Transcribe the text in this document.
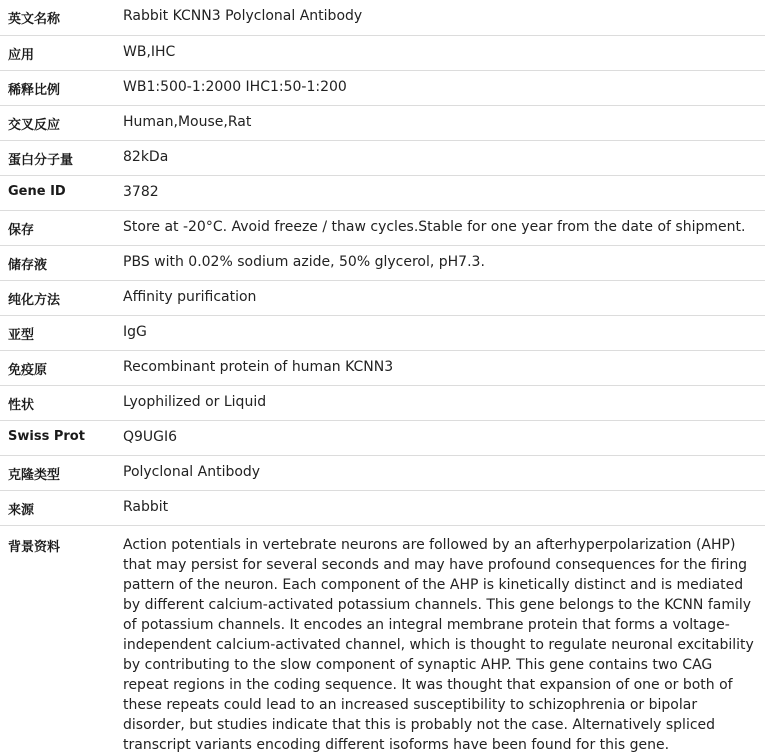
英文名称	Rabbit KCNN3 Polyclonal Antibody
应用	WB,IHC
稀释比例	WB1:500-1:2000 IHC1:50-1:200
交叉反应	Human,Mouse,Rat
蛋白分子量	82kDa
Gene ID	3782
保存	Store at -20°C. Avoid freeze / thaw cycles.Stable for one year from the date of shipment.
储存液	PBS with 0.02% sodium azide, 50% glycerol, pH7.3.
纯化方法	Affinity purification
亚型	IgG
免疫原	Recombinant protein of human KCNN3
性状	Lyophilized or Liquid
Swiss Prot	Q9UGI6
克隆类型	Polyclonal Antibody
来源	Rabbit
背景资料	Action potentials in vertebrate neurons are followed by an afterhyperpolarization (AHP) that may persist for several seconds and may have profound consequences for the firing pattern of the neuron. Each component of the AHP is kinetically distinct and is mediated by different calcium-activated potassium channels. This gene belongs to the KCNN family of potassium channels. It encodes an integral membrane protein that forms a voltage-independent calcium-activated channel, which is thought to regulate neuronal excitability by contributing to the slow component of synaptic AHP. This gene contains two CAG repeat regions in the coding sequence. It was thought that expansion of one or both of these repeats could lead to an increased susceptibility to schizophrenia or bipolar disorder, but studies indicate that this is probably not the case. Alternatively spliced transcript variants encoding different isoforms have been found for this gene.
